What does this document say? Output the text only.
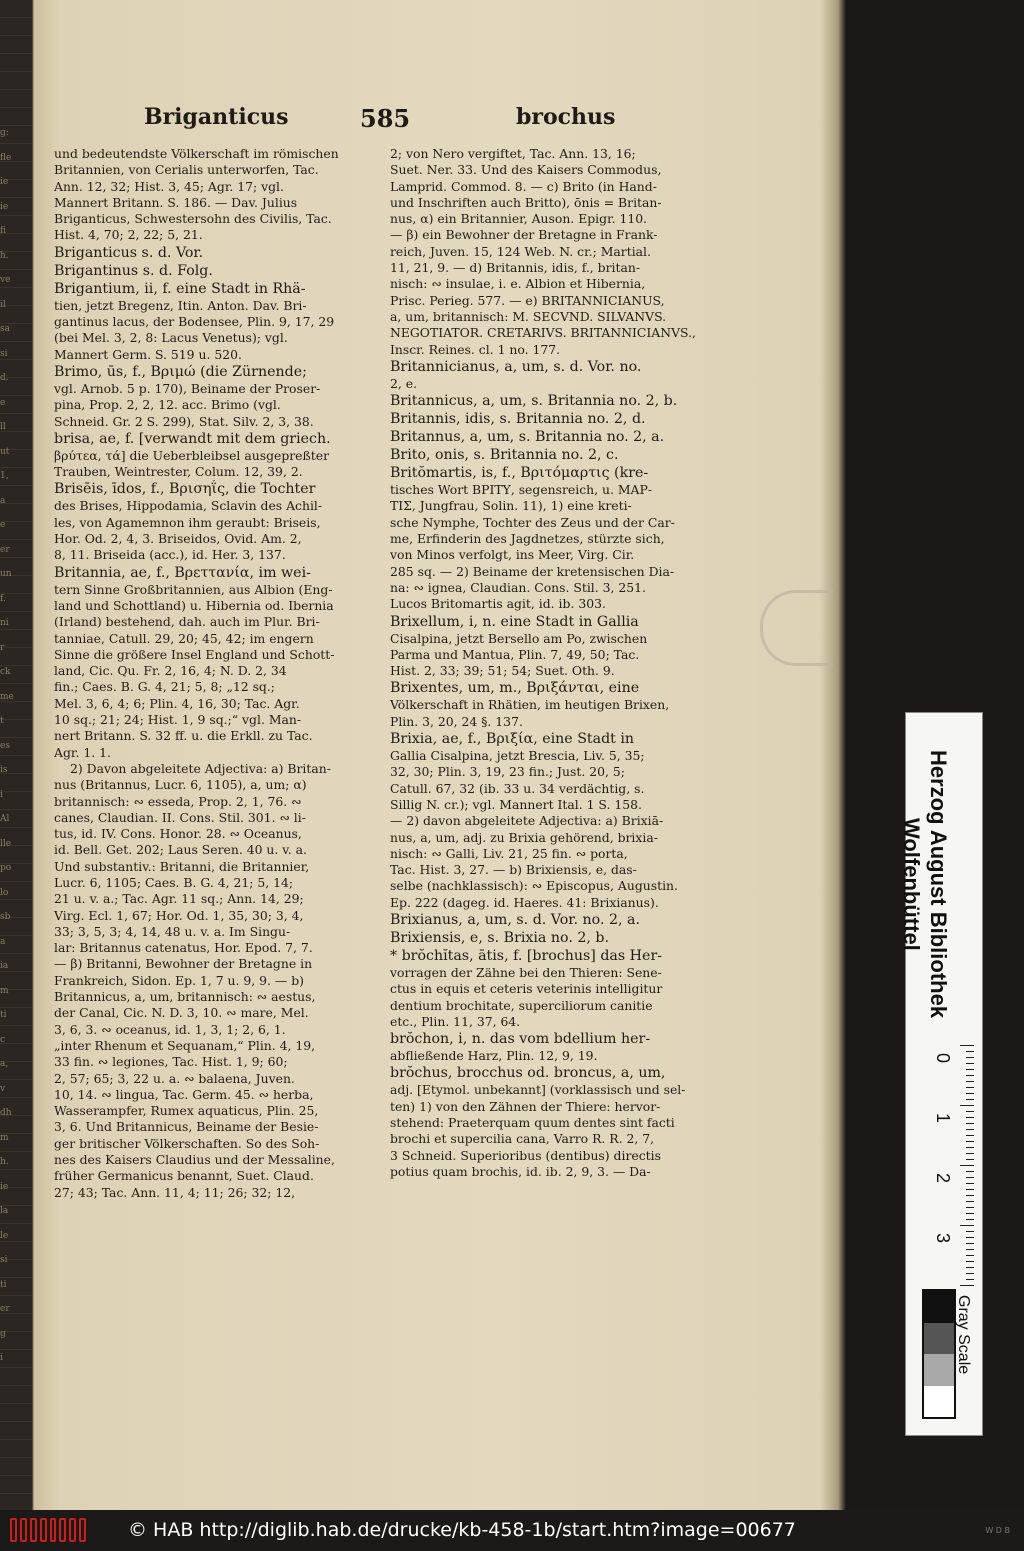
g:
fle
ie
ie
fi
h.
ve
il
sa
si
d.
e
ll
ut
1,
a
e
er
un
f.
ni
r
ck
me
t
es
is
i
Al
lle
po
lo
sb
a
ia
m
ti
c
a,
v
dh
m
h.
ie
la
le
si
ti
er
g
i
Briganticus	585	brochus
und bedeutendste Völkerschaft im römischen
Britannien, von Cerialis unterworfen, Tac.
Ann. 12, 32; Hist. 3, 45; Agr. 17; vgl.
Mannert Britann. S. 186. — Dav. Julius
Briganticus, Schwestersohn des Civilis, Tac.
Hist. 4, 70; 2, 22; 5, 21.
Briganticus s. d. Vor.
Brigantinus s. d. Folg.
Brigantium, ii, f. eine Stadt in Rhä-
tien, jetzt Bregenz, Itin. Anton. Dav. Bri-
gantinus lacus, der Bodensee, Plin. 9, 17, 29
(bei Mel. 3, 2, 8: Lacus Venetus); vgl.
Mannert Germ. S. 519 u. 520.
Brimo, ūs, f., Βριμώ (die Zürnende;
vgl. Arnob. 5 p. 170), Beiname der Proser-
pina, Prop. 2, 2, 12. acc. Brimo (vgl.
Schneid. Gr. 2 S. 299), Stat. Silv. 2, 3, 38.
brisa, ae, f. [verwandt mit dem griech.
βρύτεα, τά] die Ueberbleibsel ausgepreßter
Trauben, Weintrester, Colum. 12, 39, 2.
Brisēis, īdos, f., Βρισηΐς, die Tochter
des Brises, Hippodamia, Sclavin des Achil-
les, von Agamemnon ihm geraubt: Briseis,
Hor. Od. 2, 4, 3. Briseidos, Ovid. Am. 2,
8, 11. Briseida (acc.), id. Her. 3, 137.
Britannia, ae, f., Βρεττανία, im wei-
tern Sinne Großbritannien, aus Albion (Eng-
land und Schottland) u. Hibernia od. Ibernia
(Irland) bestehend, dah. auch im Plur. Bri-
tanniae, Catull. 29, 20; 45, 42; im engern
Sinne die größere Insel England und Schott-
land, Cic. Qu. Fr. 2, 16, 4; N. D. 2, 34
fin.; Caes. B. G. 4, 21; 5, 8; „12 sq.;
Mel. 3, 6, 4; 6; Plin. 4, 16, 30; Tac. Agr.
10 sq.; 21; 24; Hist. 1, 9 sq.;“ vgl. Man-
nert Britann. S. 32 ff. u. die Erkll. zu Tac.
Agr. 1. 1.
2) Davon abgeleitete Adjectiva: a) Britan-
nus (Britannus, Lucr. 6, 1105), a, um; α)
britannisch: ∾ esseda, Prop. 2, 1, 76. ∾
canes, Claudian. II. Cons. Stil. 301. ∾ li-
tus, id. IV. Cons. Honor. 28. ∾ Oceanus,
id. Bell. Get. 202; Laus Seren. 40 u. v. a.
Und substantiv.: Britanni, die Britannier,
Lucr. 6, 1105; Caes. B. G. 4, 21; 5, 14;
21 u. v. a.; Tac. Agr. 11 sq.; Ann. 14, 29;
Virg. Ecl. 1, 67; Hor. Od. 1, 35, 30; 3, 4,
33; 3, 5, 3; 4, 14, 48 u. v. a. Im Singu-
lar: Britannus catenatus, Hor. Epod. 7, 7.
— β) Britanni, Bewohner der Bretagne in
Frankreich, Sidon. Ep. 1, 7 u. 9, 9. — b)
Britannicus, a, um, britannisch: ∾ aestus,
der Canal, Cic. N. D. 3, 10. ∾ mare, Mel.
3, 6, 3. ∾ oceanus, id. 1, 3, 1; 2, 6, 1.
„inter Rhenum et Sequanam,“ Plin. 4, 19,
33 fin. ∾ legiones, Tac. Hist. 1, 9; 60;
2, 57; 65; 3, 22 u. a. ∾ balaena, Juven.
10, 14. ∾ lingua, Tac. Germ. 45. ∾ herba,
Wasserampfer, Rumex aquaticus, Plin. 25,
3, 6. Und Britannicus, Beiname der Besie-
ger britischer Völkerschaften. So des Soh-
nes des Kaisers Claudius und der Messaline,
früher Germanicus benannt, Suet. Claud.
27; 43; Tac. Ann. 11, 4; 11; 26; 32; 12,
2; von Nero vergiftet, Tac. Ann. 13, 16;
Suet. Ner. 33. Und des Kaisers Commodus,
Lamprid. Commod. 8. — c) Brito (in Hand-
und Inschriften auch Britto), ōnis = Britan-
nus, α) ein Britannier, Auson. Epigr. 110.
— β) ein Bewohner der Bretagne in Frank-
reich, Juven. 15, 124 Web. N. cr.; Martial.
11, 21, 9. — d) Britannis, idis, f., britan-
nisch: ∾ insulae, i. e. Albion et Hibernia,
Prisc. Perieg. 577. — e) BRITANNICIANUS,
a, um, britannisch: M. SECVND. SILVANVS.
NEGOTIATOR. CRETARIVS. BRITANNICIANVS.,
Inscr. Reines. cl. 1 no. 177.
Britannicianus, a, um, s. d. Vor. no.
2, e.
Britannicus, a, um, s. Britannia no. 2, b.
Britannis, idis, s. Britannia no. 2, d.
Britannus, a, um, s. Britannia no. 2, a.
Brito, onis, s. Britannia no. 2, c.
Britŏmartis, is, f., Βριτόμαρτις (kre-
tisches Wort ΒΡΙΤΥ, segensreich, u. ΜΑΡ-
ΤΙΣ, Jungfrau, Solin. 11), 1) eine kreti-
sche Nymphe, Tochter des Zeus und der Car-
me, Erfinderin des Jagdnetzes, stürzte sich,
von Minos verfolgt, ins Meer, Virg. Cir.
285 sq. — 2) Beiname der kretensischen Dia-
na: ∾ ignea, Claudian. Cons. Stil. 3, 251.
Lucos Britomartis agit, id. ib. 303.
Brixellum, i, n. eine Stadt in Gallia
Cisalpina, jetzt Bersello am Po, zwischen
Parma und Mantua, Plin. 7, 49, 50; Tac.
Hist. 2, 33; 39; 51; 54; Suet. Oth. 9.
Brixentes, um, m., Βριξάνται, eine
Völkerschaft in Rhätien, im heutigen Brixen,
Plin. 3, 20, 24 §. 137.
Brixia, ae, f., Βριξία, eine Stadt in
Gallia Cisalpina, jetzt Brescia, Liv. 5, 35;
32, 30; Plin. 3, 19, 23 fin.; Just. 20, 5;
Catull. 67, 32 (ib. 33 u. 34 verdächtig, s.
Sillig N. cr.); vgl. Mannert Ital. 1 S. 158.
— 2) davon abgeleitete Adjectiva: a) Brixiā-
nus, a, um, adj. zu Brixia gehörend, brixia-
nisch: ∾ Galli, Liv. 21, 25 fin. ∾ porta,
Tac. Hist. 3, 27. — b) Brixiensis, e, das-
selbe (nachklassisch): ∾ Episcopus, Augustin.
Ep. 222 (dageg. id. Haeres. 41: Brixianus).
Brixianus, a, um, s. d. Vor. no. 2, a.
Brixiensis, e, s. Brixia no. 2, b.
* brŏchĭtas, ātis, f. [brochus] das Her-
vorragen der Zähne bei den Thieren: Sene-
ctus in equis et ceteris veterinis intelligitur
dentium brochitate, superciliorum canitie
etc., Plin. 11, 37, 64.
brŏchon, i, n. das vom bdellium her-
abfließende Harz, Plin. 12, 9, 19.
brŏchus, brocchus od. broncus, a, um,
adj. [Etymol. unbekannt] (vorklassisch und sel-
ten) 1) von den Zähnen der Thiere: hervor-
stehend: Praeterquam quum dentes sint facti
brochi et supercilia cana, Varro R. R. 2, 7,
3 Schneid. Superioribus (dentibus) directis
potius quam brochis, id. ib. 2, 9, 3. — Da-
Herzog August Bibliothek
Wolfenbüttel
0
1
2
3
Gray Scale
© HAB http://diglib.hab.de/drucke/kb-458-1b/start.htm?image=00677	W D B
